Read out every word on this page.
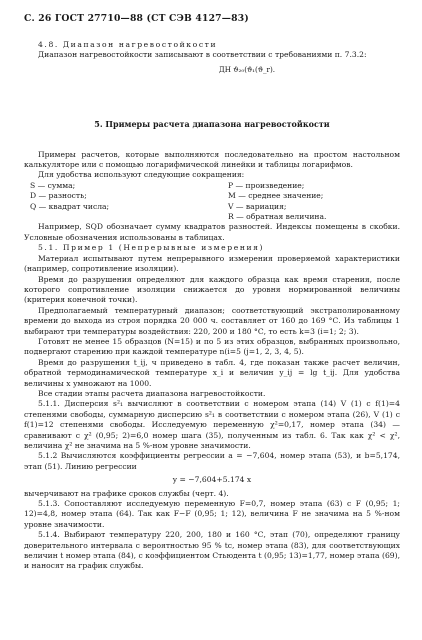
С. 26 ГОСТ 27710—88 (СТ СЭВ 4127—83)

4.8. Диапазон нагревостойкости

Диапазон нагревостойкости записывают в соответствии с требованиями п. 7.3.2:

ДН ϑ₂₀(ϑ₁(ϑ_r).
5. Примеры расчета диапазона нагревостойкости

Примеры расчетов, которые выполняются последовательно на простом настольном калькуляторе или с помощью логарифмической линейки и таблицы логарифмов.

Для удобства используют следующие сокращения:

S — сумма;	P — произведение;
D — разность;	M — среднее значение;
Q — квадрат числа;	V — вариация;
R — обратная величина.

Например, SQD обозначает сумму квадратов разностей. Индексы помещены в скобки. Условные обозначения использованы в таблицах.

5.1. Пример 1 (Непрерывные измерения)

Материал испытывают путем непрерывного измерения проверяемой характеристики (например, сопротивление изоляции).

Время до разрушения определяют для каждого образца как время старения, после которого сопротивление изоляции снижается до уровня нормированной величины (критерия конечной точки).

Предполагаемый температурный диапазон; соответствующий экстраполированному времени до выхода из строя порядка 20 000 ч. составляет от 160 до 169 °С. Из таблицы 1 выбирают три температуры воздействия: 220, 200 и 180 °С, то есть k=3 (i=1; 2; 3).

Готовят не менее 15 образцов (N=15) и по 5 из этих образцов, выбранных произвольно, подвергают старению при каждой температуре n(i=5 (j=1, 2, 3, 4, 5).

Время до разрушения t_ij, ч приведено в табл. 4, где показан также расчет величин, обратной термодинамической температуре x_i и величин y_ij = lg t_ij. Для удобства величины x умножают на 1000.

Все стадии этапы расчета диапазона нагревостойкости.

5.1.1. Дисперсия s²₁ вычисляют в соответствии с номером этапа (14) V (1) с f(1)=4 степенями свободы, суммарную дисперсию s²₁ в соответствии с номером этапа (26), V (1) с f(1)=12 степенями свободы. Исследуемую переменную χ²=0,17, номер этапа (34) — сравнивают с χ² (0,95; 2)=6,0 номер шага (35), полученным из табл. 6. Так как χ² < χ², величина χ² не значима на 5 %-ном уровне значимости.

5.1.2 Вычисляются коэффициенты регрессии a = −7,604, номер этапа (53), и b=5,174, этап (51). Линию регрессии

y = −7,604+5.174 x

вычерчивают на графике сроков службы (черт. 4).

5.1.3. Сопоставляют исследуемую переменную F=0,7, номер этапа (63) с F (0,95; 1; 12)=4,8, номер этапа (64). Так как F−F (0,95; 1; 12), величина F не значима на 5 %-ном уровне значимости.

5.1.4. Выбирают температуру 220, 200, 180 и 160 °С, этап (70), определяют границу доверительного интервала с вероятностью 95 % tc, номер этапа (83), для соответствующих величин t номер этапа (84), с коэффициентом Стьюдента t (0,95; 13)=1,77, номер этапа (69), и наносят на график службы.
